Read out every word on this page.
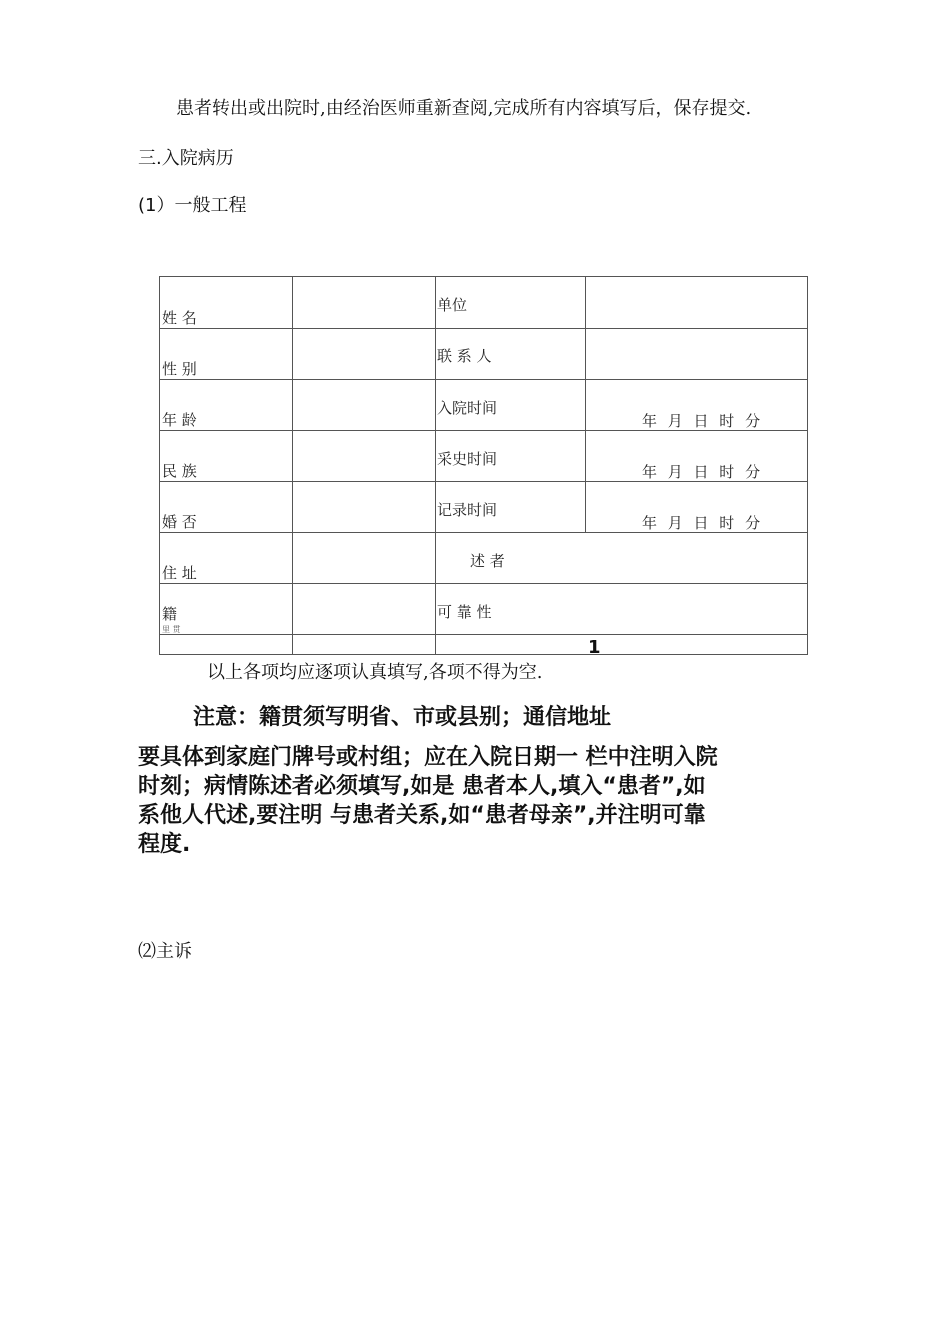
患者转出或出院时,由经治医师重新查阅,完成所有内容填写后，保存提交.
三.入院病历
(1）一般工程
姓 名
性 别
年 龄
民 族
婚 否
住 址
籍
里 贯
单位
联 系 人
入院时间
采史时间
记录时间
述 者
可 靠 性
年 月 日 时 分
年 月 日 时 分
年 月 日 时 分
1
以上各项均应逐项认真填写,各项不得为空.
注意：籍贯须写明省、市或县别；通信地址
要具体到家庭门牌号或村组；应在入院日期一 栏中注明入院
时刻；病情陈述者必须填写,如是 患者本人,填入“患者”,如
系他人代述,要注明 与患者关系,如“患者母亲”,并注明可靠
程度.
⑵主诉
